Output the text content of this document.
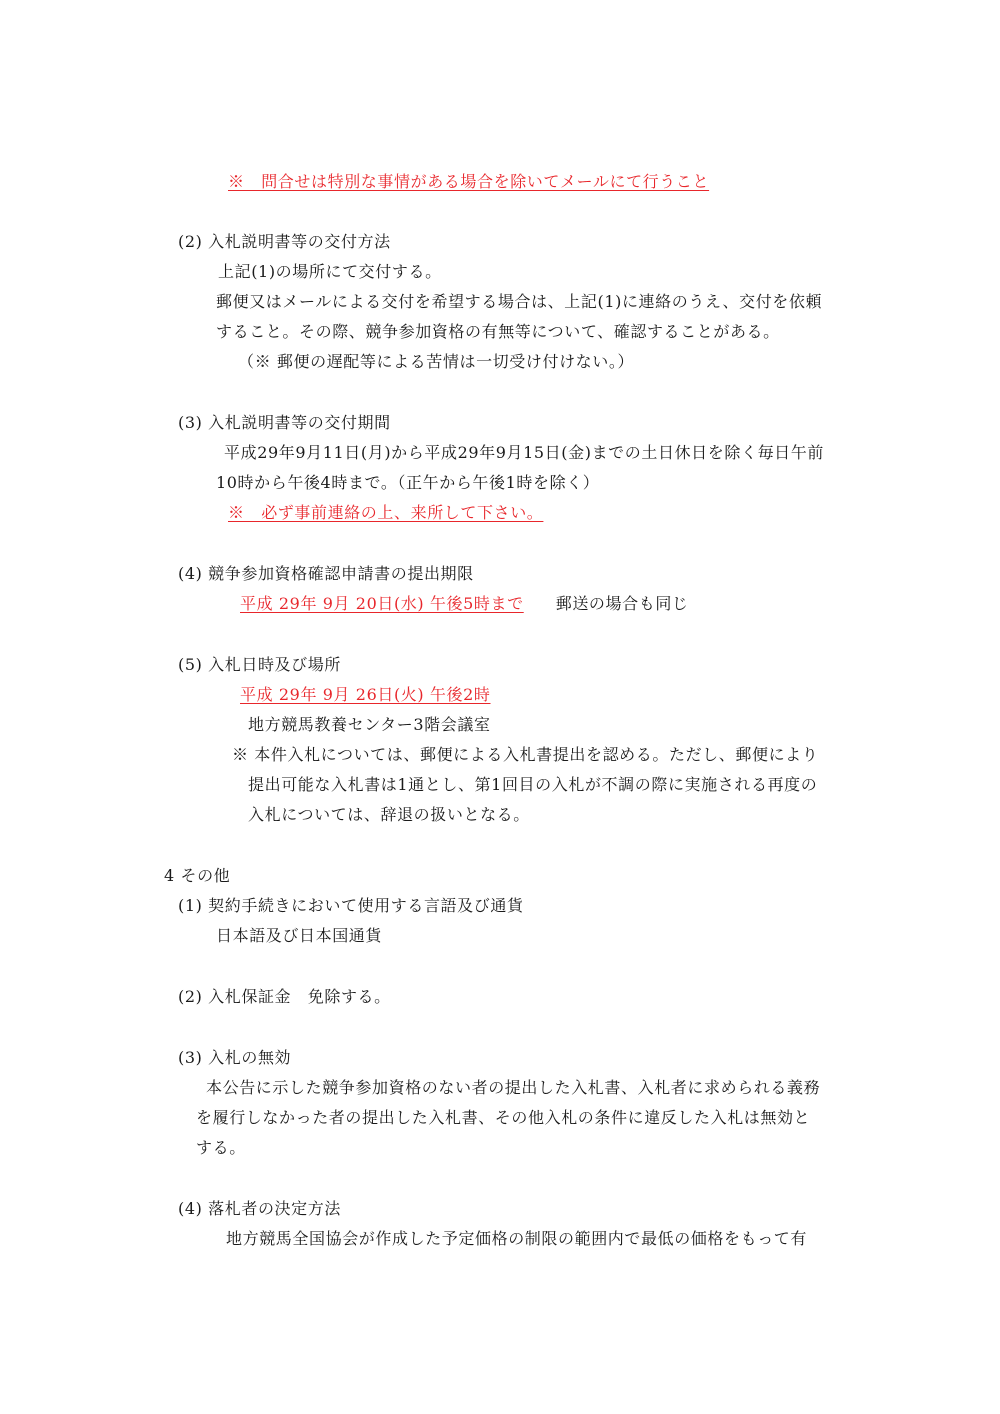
※　問合せは特別な事情がある場合を除いてメールにて行うこと
(2) 入札説明書等の交付方法
上記(1)の場所にて交付する。
郵便又はメールによる交付を希望する場合は、上記(1)に連絡のうえ、交付を依頼
すること。その際、競争参加資格の有無等について、確認することがある。
（※ 郵便の遅配等による苦情は一切受け付けない。）
(3) 入札説明書等の交付期間
平成29年9月11日(月)から平成29年9月15日(金)までの土日休日を除く毎日午前
10時から午後4時まで。（正午から午後1時を除く）
※　必ず事前連絡の上、来所して下さい。
(4) 競争参加資格確認申請書の提出期限
平成 29年 9月 20日(水) 午後5時まで 郵送の場合も同じ
(5) 入札日時及び場所
平成 29年 9月 26日(火) 午後2時
地方競馬教養センター3階会議室
※ 本件入札については、郵便による入札書提出を認める。ただし、郵便により
提出可能な入札書は1通とし、第1回目の入札が不調の際に実施される再度の
入札については、辞退の扱いとなる。
4 その他
(1) 契約手続きにおいて使用する言語及び通貨
日本語及び日本国通貨
(2) 入札保証金　免除する。
(3) 入札の無効
本公告に示した競争参加資格のない者の提出した入札書、入札者に求められる義務
を履行しなかった者の提出した入札書、その他入札の条件に違反した入札は無効と
する。
(4) 落札者の決定方法
地方競馬全国協会が作成した予定価格の制限の範囲内で最低の価格をもって有
